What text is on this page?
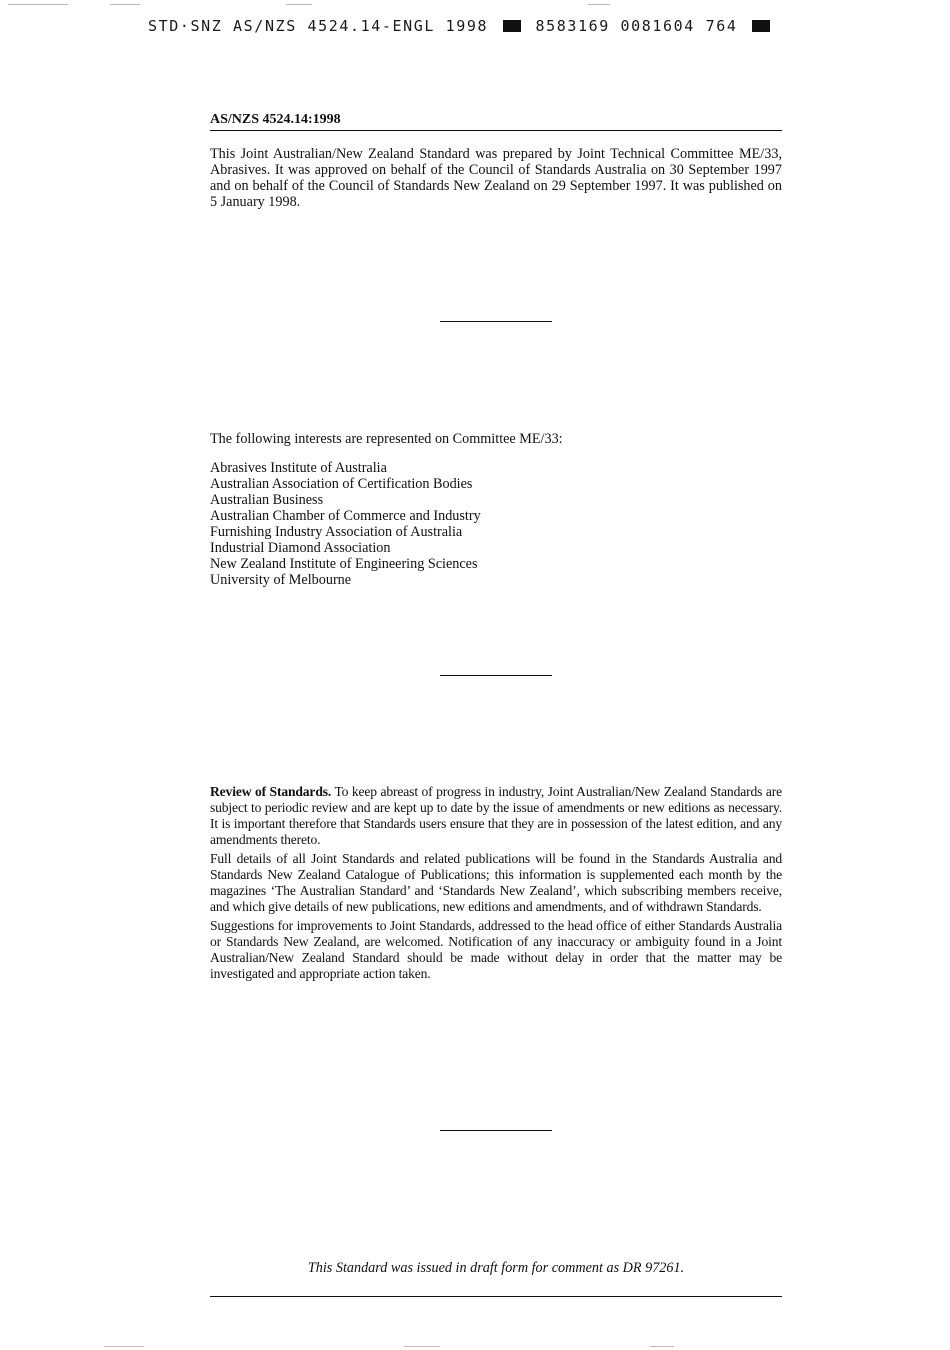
STD·SNZ AS/NZS 4524.14-ENGL 1998	8583169 0081604 764
AS/NZS 4524.14:1998

This Joint Australian/New Zealand Standard was prepared by Joint Technical Committee ME/33, Abrasives. It was approved on behalf of the Council of Standards Australia on 30 September 1997 and on behalf of the Council of Standards New Zealand on 29 September 1997. It was published on 5 January 1998.

The following interests are represented on Committee ME/33:

Abrasives Institute of Australia
Australian Association of Certification Bodies
Australian Business
Australian Chamber of Commerce and Industry
Furnishing Industry Association of Australia
Industrial Diamond Association
New Zealand Institute of Engineering Sciences
University of Melbourne

Review of Standards. To keep abreast of progress in industry, Joint Australian/New Zealand Standards are subject to periodic review and are kept up to date by the issue of amendments or new editions as necessary. It is important therefore that Standards users ensure that they are in possession of the latest edition, and any amendments thereto.

Full details of all Joint Standards and related publications will be found in the Standards Australia and Standards New Zealand Catalogue of Publications; this information is supplemented each month by the magazines ‘The Australian Standard’ and ‘Standards New Zealand’, which subscribing members receive, and which give details of new publications, new editions and amendments, and of withdrawn Standards.

Suggestions for improvements to Joint Standards, addressed to the head office of either Standards Australia or Standards New Zealand, are welcomed. Notification of any inaccuracy or ambiguity found in a Joint Australian/New Zealand Standard should be made without delay in order that the matter may be investigated and appropriate action taken.

This Standard was issued in draft form for comment as DR 97261.
